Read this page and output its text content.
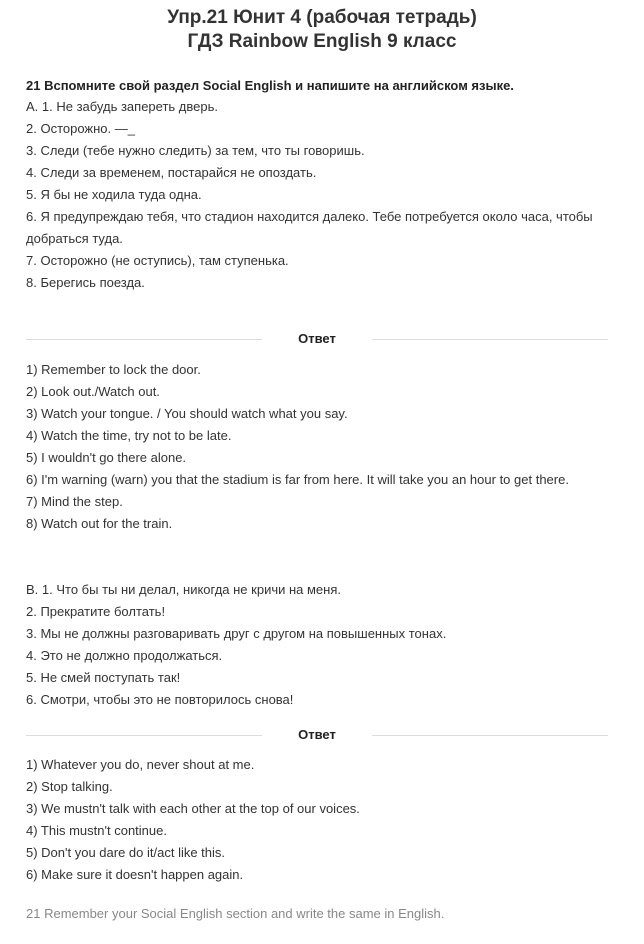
Упр.21 Юнит 4 (рабочая тетрадь)
ГДЗ Rainbow English 9 класс
21 Вспомните свой раздел Social English и напишите на английском языке.
А. 1. Не забудь запереть дверь.
2. Осторожно. —_
3. Следи (тебе нужно следить) за тем, что ты говоришь.
4. Следи за временем, постарайся не опоздать.
5. Я бы не ходила туда одна.
6. Я предупреждаю тебя, что стадион находится далеко. Тебе потребуется около часа, чтобы добраться туда.
7. Осторожно (не оступись), там ступенька.
8. Берегись поезда.
Ответ
1) Remember to lock the door.
2) Look out./Watch out.
3) Watch your tongue. / You should watch what you say.
4) Watch the time, try not to be late.
5) I wouldn't go there alone.
6) I'm warning (warn) you that the stadium is far from here. It will take you an hour to get there.
7) Mind the step.
8) Watch out for the train.
В. 1. Что бы ты ни делал, никогда не кричи на меня.
2. Прекратите болтать!
3. Мы не должны разговаривать друг с другом на повышенных тонах.
4. Это не должно продолжаться.
5. Не смей поступать так!
6. Смотри, чтобы это не повторилось снова!
Ответ
1) Whatever you do, never shout at me.
2) Stop talking.
3) We mustn't talk with each other at the top of our voices.
4) This mustn't continue.
5) Don't you dare do it/act like this.
6) Make sure it doesn't happen again.
21 Remember your Social English section and write the same in English.
